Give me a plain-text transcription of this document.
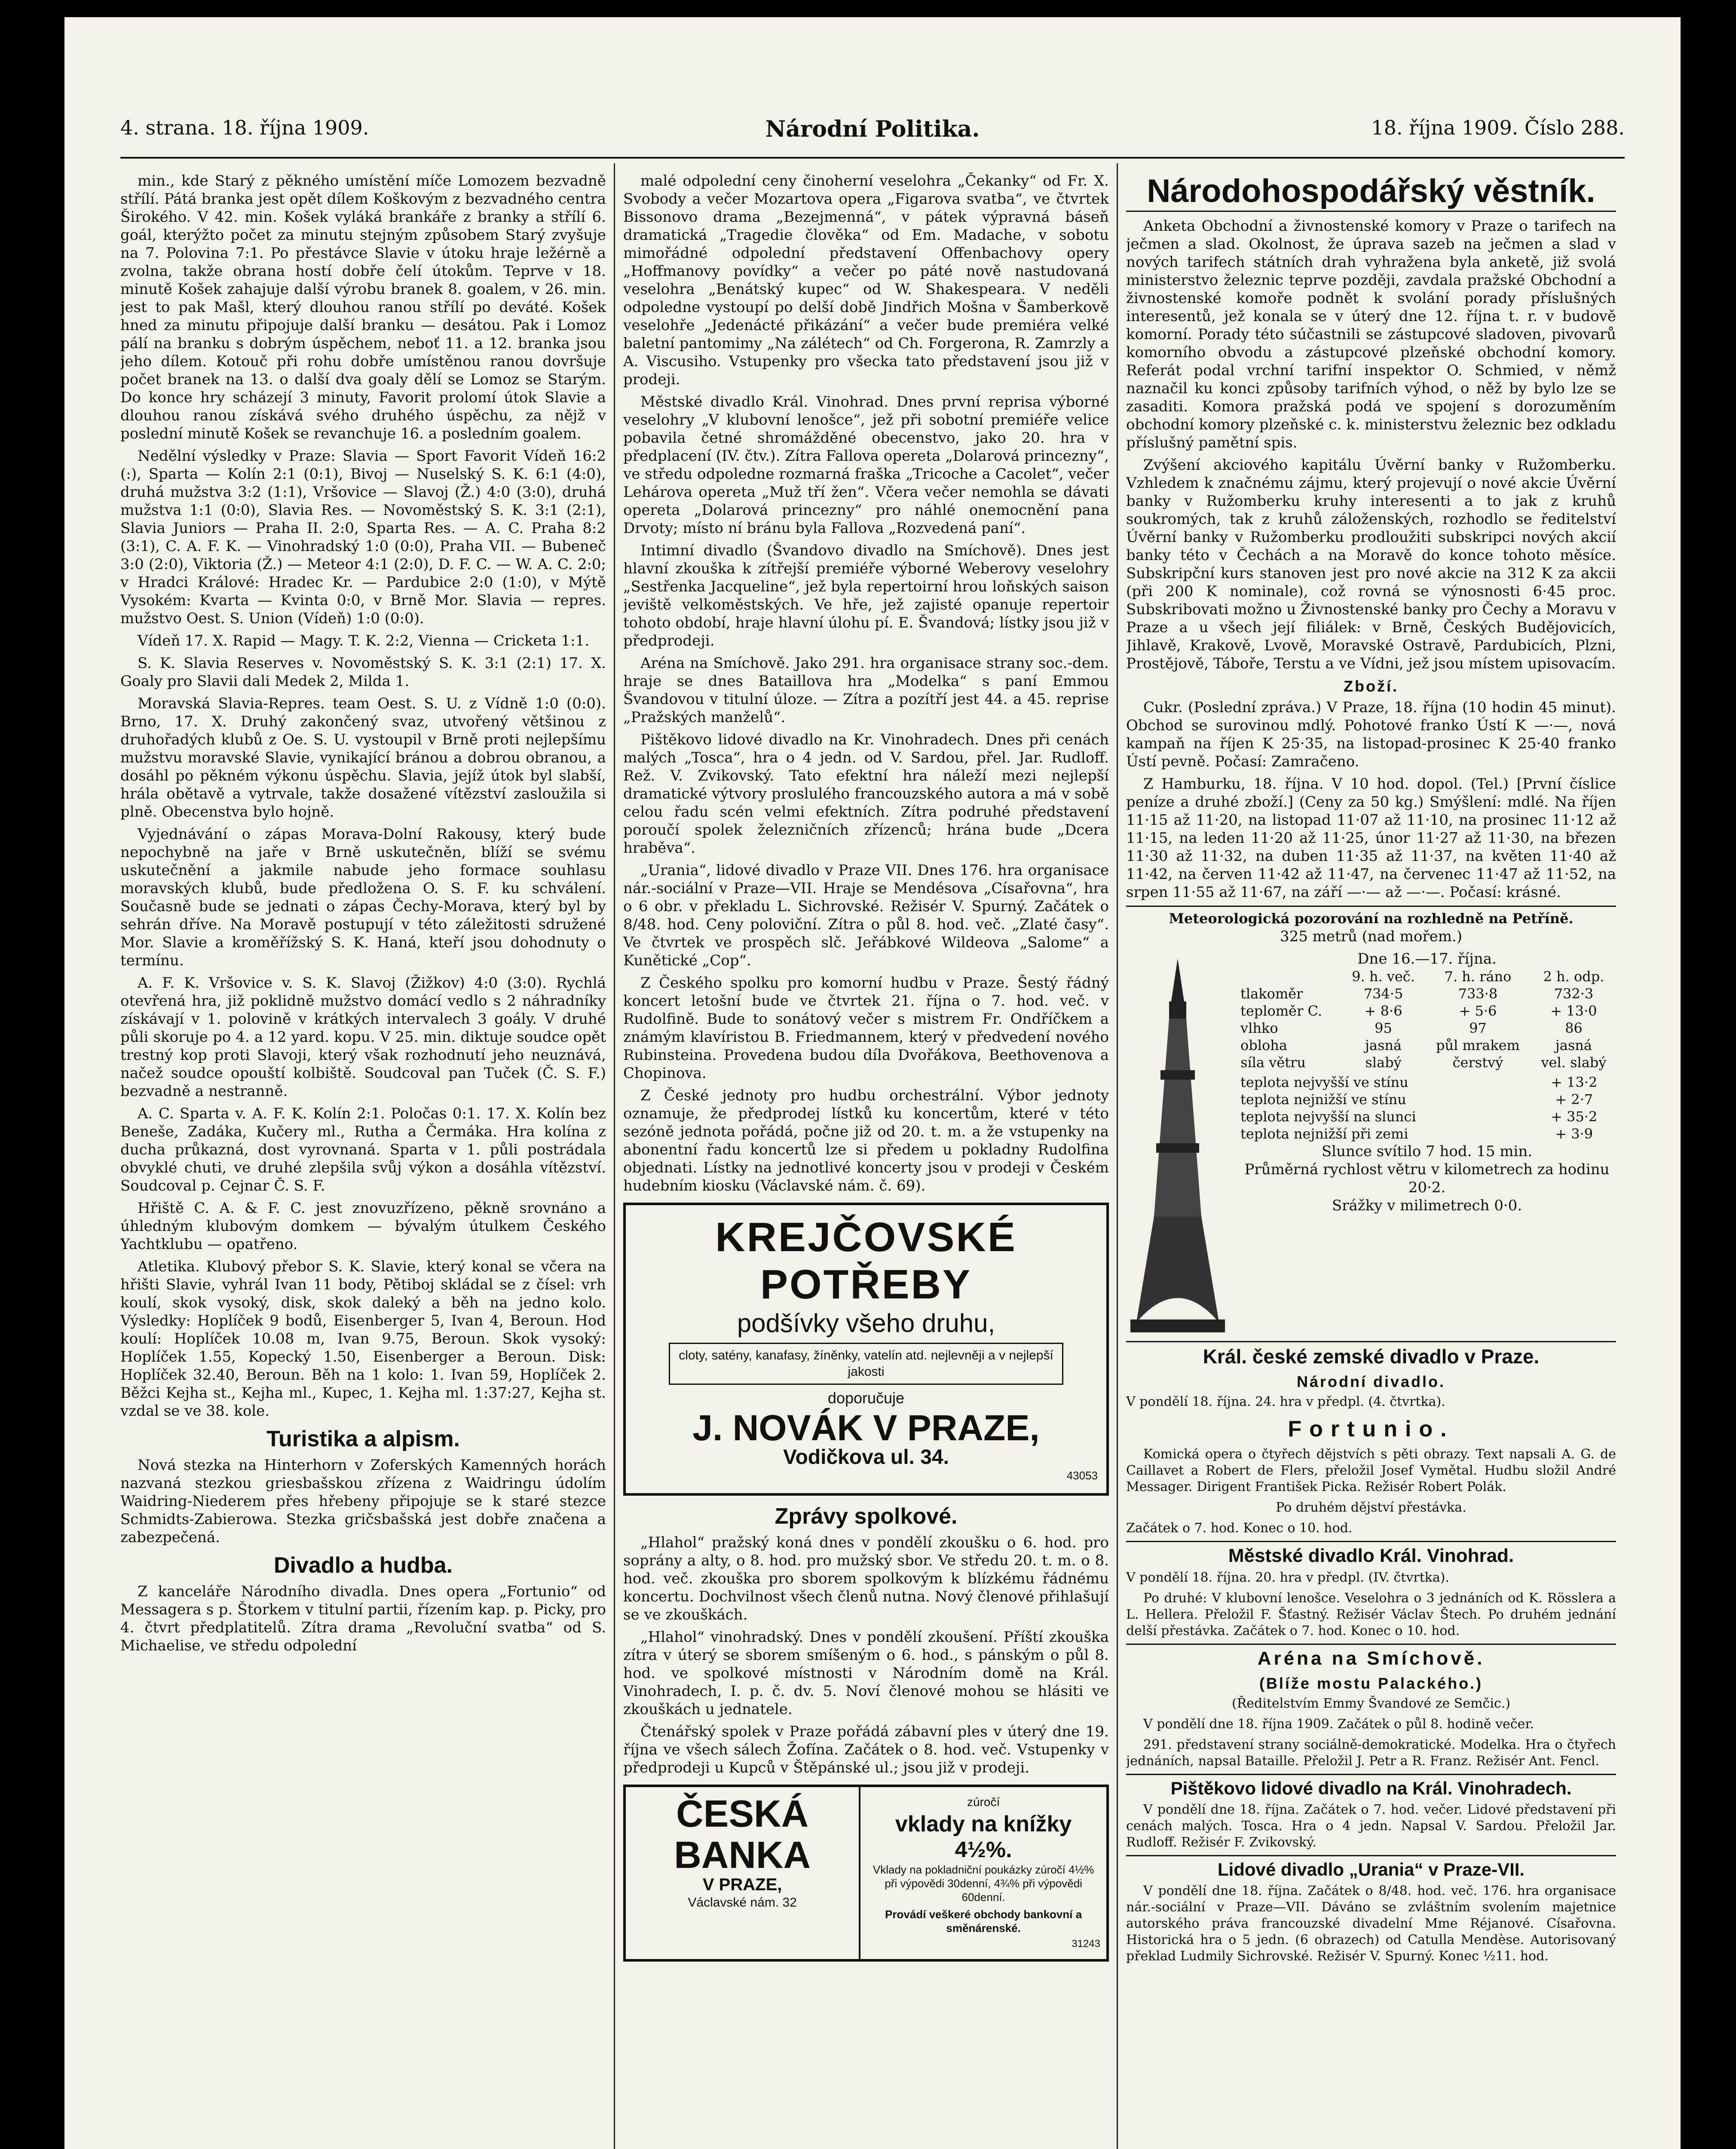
4. strana. 18. října 1909.	Národní Politika.	18. října 1909. Číslo 288.

min., kde Starý z pěkného umístění míče Lomozem bezvadně střílí. Pátá branka jest opět dílem Koškovým z bezvadného centra Širokého. V 42. min. Košek vyláká brankáře z branky a střílí 6. goál, kterýžto počet za minutu stejným způsobem Starý zvyšuje na 7. Polovina 7:1. Po přestávce Slavie v útoku hraje ležérně a zvolna, takže obrana hostí dobře čelí útokům. Teprve v 18. minutě Košek zahajuje další výrobu branek 8. goalem, v 26. min. jest to pak Mašl, který dlouhou ranou střílí po deváté. Košek hned za minutu připojuje další branku — desátou. Pak i Lomoz pálí na branku s dobrým úspěchem, neboť 11. a 12. branka jsou jeho dílem. Kotouč při rohu dobře umístěnou ranou dovršuje počet branek na 13. o další dva goaly dělí se Lomoz se Starým. Do konce hry scházejí 3 minuty, Favorit prolomí útok Slavie a dlouhou ranou získává svého druhého úspěchu, za nějž v poslední minutě Košek se revanchuje 16. a posledním goalem.

Nedělní výsledky v Praze: Slavia — Sport Favorit Vídeň 16:2 (:), Sparta — Kolín 2:1 (0:1), Bivoj — Nuselský S. K. 6:1 (4:0), druhá mužstva 3:2 (1:1), Vršovice — Slavoj (Ž.) 4:0 (3:0), druhá mužstva 1:1 (0:0), Slavia Res. — Novoměstský S. K. 3:1 (2:1), Slavia Juniors — Praha II. 2:0, Sparta Res. — A. C. Praha 8:2 (3:1), C. A. F. K. — Vinohradský 1:0 (0:0), Praha VII. — Bubeneč 3:0 (2:0), Viktoria (Ž.) — Meteor 4:1 (2:0), D. F. C. — W. A. C. 2:0; v Hradci Králové: Hradec Kr. — Pardubice 2:0 (1:0), v Mýtě Vysokém: Kvarta — Kvinta 0:0, v Brně Mor. Slavia — repres. mužstvo Oest. S. Union (Vídeň) 1:0 (0:0).

Vídeň 17. X. Rapid — Magy. T. K. 2:2, Vienna — Cricketa 1:1.

S. K. Slavia Reserves v. Novoměstský S. K. 3:1 (2:1) 17. X. Goaly pro Slavii dali Medek 2, Milda 1.

Moravská Slavia-Repres. team Oest. S. U. z Vídně 1:0 (0:0). Brno, 17. X. Druhý zakončený svaz, utvořený většinou z druhořadých klubů z Oe. S. U. vystoupil v Brně proti nejlepšímu mužstvu moravské Slavie, vynikající bránou a dobrou obranou, a dosáhl po pěkném výkonu úspěchu. Slavia, jejíž útok byl slabší, hrála obětavě a vytrvale, takže dosažené vítězství zasloužila si plně. Obecenstva bylo hojně.

Vyjednávání o zápas Morava-Dolní Rakousy, který bude nepochybně na jaře v Brně uskutečněn, blíží se svému uskutečnění a jakmile nabude jeho formace souhlasu moravských klubů, bude předložena O. S. F. ku schválení. Současně bude se jednati o zápas Čechy-Morava, který byl by sehrán dříve. Na Moravě postupují v této záležitosti sdružené Mor. Slavie a kroměřížský S. K. Haná, kteří jsou dohodnuty o termínu.

A. F. K. Vršovice v. S. K. Slavoj (Žižkov) 4:0 (3:0). Rychlá otevřená hra, již poklidně mužstvo domácí vedlo s 2 náhradníky získávají v 1. polovině v krátkých intervalech 3 goály. V druhé půli skoruje po 4. a 12 yard. kopu. V 25. min. diktuje soudce opět trestný kop proti Slavoji, který však rozhodnutí jeho neuznává, načež soudce opouští kolbiště. Soudcoval pan Tuček (Č. S. F.) bezvadně a nestranně.

A. C. Sparta v. A. F. K. Kolín 2:1. Poločas 0:1. 17. X. Kolín bez Beneše, Zadáka, Kučery ml., Rutha a Čermáka. Hra kolína z ducha průkazná, dost vyrovnaná. Sparta v 1. půli postrádala obvyklé chuti, ve druhé zlepšila svůj výkon a dosáhla vítězství. Soudcoval p. Cejnar Č. S. F.

Hřiště C. A. & F. C. jest znovuzřízeno, pěkně srovnáno a úhledným klubovým domkem — bývalým útulkem Českého Yachtklubu — opatřeno.

Atletika. Klubový přebor S. K. Slavie, který konal se včera na hřišti Slavie, vyhrál Ivan 11 body, Pětiboj skládal se z čísel: vrh koulí, skok vysoký, disk, skok daleký a běh na jedno kolo. Výsledky: Hoplíček 9 bodů, Eisenberger 5, Ivan 4, Beroun. Hod koulí: Hoplíček 10.08 m, Ivan 9.75, Beroun. Skok vysoký: Hoplíček 1.55, Kopecký 1.50, Eisenberger a Beroun. Disk: Hoplíček 32.40, Beroun. Běh na 1 kolo: 1. Ivan 59, Hoplíček 2. Běžci Kejha st., Kejha ml., Kupec, 1. Kejha ml. 1:37:27, Kejha st. vzdal se ve 38. kole.

Turistika a alpism.

Nová stezka na Hinterhorn v Zoferských Kamenných horách nazvaná stezkou griesbašskou zřízena z Waidringu údolím Waidring-Niederem přes hřebeny připojuje se k staré stezce Schmidts-Zabierowa. Stezka gričsbašská jest dobře značena a zabezpečená.

Divadlo a hudba.

Z kanceláře Národního divadla. Dnes opera „Fortunio“ od Messagera s p. Štorkem v titulní partii, řízením kap. p. Picky, pro 4. čtvrt předplatitelů. Zítra drama „Revoluční svatba“ od S. Michaelise, ve středu odpolední

malé odpolední ceny činoherní veselohra „Čekanky“ od Fr. X. Svobody a večer Mozartova opera „Figarova svatba“, ve čtvrtek Bissonovo drama „Bezejmenná“, v pátek výpravná báseň dramatická „Tragedie člověka“ od Em. Madache, v sobotu mimořádné odpolední představení Offenbachovy opery „Hoffmanovy povídky“ a večer po páté nově nastudovaná veselohra „Benátský kupec“ od W. Shakespeara. V neděli odpoledne vystoupí po delší době Jindřich Mošna v Šamberkově veselohře „Jedenácté přikázání“ a večer bude premiéra velké baletní pantomimy „Na zálétech“ od Ch. Forgerona, R. Zamrzly a A. Viscusiho. Vstupenky pro všecka tato představení jsou již v prodeji.

Městské divadlo Král. Vinohrad. Dnes první reprisa výborné veselohry „V klubovní lenošce“, jež při sobotní premiéře velice pobavila četné shromážděné obecenstvo, jako 20. hra v předplacení (IV. čtv.). Zítra Fallova opereta „Dolarová princezny“, ve středu odpoledne rozmarná fraška „Tricoche a Cacolet“, večer Lehárova opereta „Muž tří žen“. Včera večer nemohla se dávati opereta „Dolarová princezny“ pro náhlé onemocnění pana Drvoty; místo ní bránu byla Fallova „Rozvedená paní“.

Intimní divadlo (Švandovo divadlo na Smíchově). Dnes jest hlavní zkouška k zítřejší premiéře výborné Weberovy veselohry „Sestřenka Jacqueline“, jež byla repertoirní hrou loňských saison jeviště velkoměstských. Ve hře, jež zajisté opanuje repertoir tohoto období, hraje hlavní úlohu pí. E. Švandová; lístky jsou již v předprodeji.

Aréna na Smíchově. Jako 291. hra organisace strany soc.-dem. hraje se dnes Bataillova hra „Modelka“ s paní Emmou Švandovou v titulní úloze. — Zítra a pozítří jest 44. a 45. reprise „Pražských manželů“.

Pištěkovo lidové divadlo na Kr. Vinohradech. Dnes při cenách malých „Tosca“, hra o 4 jedn. od V. Sardou, přel. Jar. Rudloff. Rež. V. Zvikovský. Tato efektní hra náleží mezi nejlepší dramatické výtvory proslulého francouzského autora a má v sobě celou řadu scén velmi efektních. Zítra podruhé představení poroučí spolek železničních zřízenců; hrána bude „Dcera hraběva“.

„Urania“, lidové divadlo v Praze VII. Dnes 176. hra organisace nár.-sociální v Praze—VII. Hraje se Mendésova „Císařovna“, hra o 6 obr. v překladu L. Sichrovské. Režisér V. Spurný. Začátek o 8/48. hod. Ceny poloviční. Zítra o půl 8. hod. več. „Zlaté časy“. Ve čtvrtek ve prospěch slč. Jeřábkové Wildeova „Salome“ a Kunětické „Cop“.

Z Českého spolku pro komorní hudbu v Praze. Šestý řádný koncert letošní bude ve čtvrtek 21. října o 7. hod. več. v Rudolfině. Bude to sonátový večer s mistrem Fr. Ondříčkem a známým klavíristou B. Friedmannem, který v předvedení nového Rubinsteina. Provedena budou díla Dvořákova, Beethovenova a Chopinova.

Z České jednoty pro hudbu orchestrální. Výbor jednoty oznamuje, že předprodej lístků ku koncertům, které v této sezóně jednota pořádá, počne již od 20. t. m. a že vstupenky na abonentní řadu koncertů lze si předem u pokladny Rudolfina objednati. Lístky na jednotlivé koncerty jsou v prodeji v Českém hudebním kiosku (Václavské nám. č. 69).

KREJČOVSKÉ POTŘEBY
podšívky všeho druhu,
cloty, satény, kanafasy, žíněnky, vatelín atd. nejlevněji a v nejlepší jakosti
doporučuje
J. NOVÁK V PRAZE,
Vodičkova ul. 34.
43053
Zprávy spolkové.

„Hlahol“ pražský koná dnes v pondělí zkoušku o 6. hod. pro soprány a alty, o 8. hod. pro mužský sbor. Ve středu 20. t. m. o 8. hod. več. zkouška pro sborem spolkovým k blízkému řádnému koncertu. Dochvilnost všech členů nutna. Nový členové přihlašují se ve zkouškách.

„Hlahol“ vinohradský. Dnes v pondělí zkoušení. Příští zkouška zítra v úterý se sborem smíšeným o 6. hod., s pánským o půl 8. hod. ve spolkové místnosti v Národním domě na Král. Vinohradech, I. p. č. dv. 5. Noví členové mohou se hlásiti ve zkouškách u jednatele.

Čtenářský spolek v Praze pořádá zábavní ples v úterý dne 19. října ve všech sálech Žofína. Začátek o 8. hod. več. Vstupenky v předprodeji u Kupců v Štěpánské ul.; jsou již v prodeji.

ČESKÁ
BANKA
V PRAZE,
Václavské nám. 32
zúročí
vklady na knížky 4½%.
Vklady na pokladniční poukázky zúročí 4½% při výpovědi 30denní, 4¾% při výpovědi 60denní.
Provádí veškeré obchody bankovní a směnárenské.
31243
Národohospodářský věstník.

Anketa Obchodní a živnostenské komory v Praze o tarifech na ječmen a slad. Okolnost, že úprava sazeb na ječmen a slad v nových tarifech státních drah vyhražena byla anketě, již svolá ministerstvo železnic teprve později, zavdala pražské Obchodní a živnostenské komoře podnět k svolání porady příslušných interesentů, jež konala se v úterý dne 12. října t. r. v budově komorní. Porady této súčastnili se zástupcové sladoven, pivovarů komorního obvodu a zástupcové plzeňské obchodní komory. Referát podal vrchní tarifní inspektor O. Schmied, v němž naznačil ku konci způsoby tarifních výhod, o něž by bylo lze se zasaditi. Komora pražská podá ve spojení s dorozuměním obchodní komory plzeňské c. k. ministerstvu železnic bez odkladu příslušný pamětní spis.

Zvýšení akciového kapitálu Úvěrní banky v Ružomberku. Vzhledem k značnému zájmu, který projevují o nové akcie Úvěrní banky v Ružomberku kruhy interesenti a to jak z kruhů soukromých, tak z kruhů záloženských, rozhodlo se ředitelství Úvěrní banky v Ružomberku prodloužiti subskripci nových akcií banky této v Čechách a na Moravě do konce tohoto měsíce. Subskripční kurs stanoven jest pro nové akcie na 312 K za akcii (při 200 K nominale), což rovná se výnosnosti 6·45 proc. Subskribovati možno u Živnostenské banky pro Čechy a Moravu v Praze a u všech její filiálek: v Brně, Českých Budějovicích, Jihlavě, Krakově, Lvově, Moravské Ostravě, Pardubicích, Plzni, Prostějově, Táboře, Terstu a ve Vídni, jež jsou místem upisovacím.

Zboží.

Cukr. (Poslední zpráva.) V Praze, 18. října (10 hodin 45 minut). Obchod se surovinou mdlý. Pohotové franko Ústí K —·—, nová kampaň na říjen K 25·35, na listopad-prosinec K 25·40 franko Ústí pevně. Počasí: Zamračeno.

Z Hamburku, 18. října. V 10 hod. dopol. (Tel.) [První číslice peníze a druhé zboží.] (Ceny za 50 kg.) Smýšlení: mdlé. Na říjen 11·15 až 11·20, na listopad 11·07 až 11·10, na prosinec 11·12 až 11·15, na leden 11·20 až 11·25, únor 11·27 až 11·30, na březen 11·30 až 11·32, na duben 11·35 až 11·37, na květen 11·40 až 11·42, na červen 11·42 až 11·47, na červenec 11·47 až 11·52, na srpen 11·55 až 11·67, na září —·— až —·—. Počasí: krásné.

Meteorologická pozorování na rozhledně na Petříně.
325 metrů (nad mořem.)
Dne 16.—17. října.
	9. h. več.	7. h. ráno	2 h. odp.
tlakoměr	734·5	733·8	732·3
teploměr C.	+ 8·6	+ 5·6	+ 13·0
vlhko	95	97	86
obloha	jasná	půl mrakem	jasná
síla větru	slabý	čerstvý	vel. slabý
teplota nejvyšší ve stínu	+ 13·2
teplota nejnižší ve stínu	+ 2·7
teplota nejvyšší na slunci	+ 35·2
teplota nejnižší při zemi	+ 3·9
Slunce svítilo 7 hod. 15 min.
Průměrná rychlost větru v kilometrech za hodinu 20·2.
Srážky v milimetrech 0·0.
Král. české zemské divadlo v Praze.
Národní divadlo.

V pondělí 18. října. 24. hra v předpl. (4. čtvrtka).

Fortunio.

Komická opera o čtyřech dějstvích s pěti obrazy. Text napsali A. G. de Caillavet a Robert de Flers, přeložil Josef Vymětal. Hudbu složil André Messager. Dirigent František Picka. Režisér Robert Polák.

Po druhém dějství přestávka.

Začátek o 7. hod. Konec o 10. hod.

Městské divadlo Král. Vinohrad.

V pondělí 18. října. 20. hra v předpl. (IV. čtvrtka).

Po druhé: V klubovní lenošce. Veselohra o 3 jednáních od K. Rösslera a L. Hellera. Přeložil F. Šťastný. Režisér Václav Štech. Po druhém jednání delší přestávka. Začátek o 7. hod. Konec o 10. hod.

Aréna na Smíchově.
(Blíže mostu Palackého.)

(Ředitelstvím Emmy Švandové ze Semčic.)

V pondělí dne 18. října 1909. Začátek o půl 8. hodině večer.

291. představení strany sociálně-demokratické. Modelka. Hra o čtyřech jednáních, napsal Bataille. Přeložil J. Petr a R. Franz. Režisér Ant. Fencl.

Pištěkovo lidové divadlo na Král. Vinohradech.

V pondělí dne 18. října. Začátek o 7. hod. večer. Lidové představení při cenách malých. Tosca. Hra o 4 jedn. Napsal V. Sardou. Přeložil Jar. Rudloff. Režisér F. Zvikovský.

Lidové divadlo „Urania“ v Praze-VII.

V pondělí dne 18. října. Začátek o 8/48. hod. več. 176. hra organisace nár.-sociální v Praze—VII. Dáváno se zvláštním svolením majetnice autorského práva francouzské divadelní Mme Réjanové. Císařovna. Historická hra o 5 jedn. (6 obrazech) od Catulla Mendèse. Autorisovaný překlad Ludmily Sichrovské. Režisér V. Spurný. Konec ½11. hod.
